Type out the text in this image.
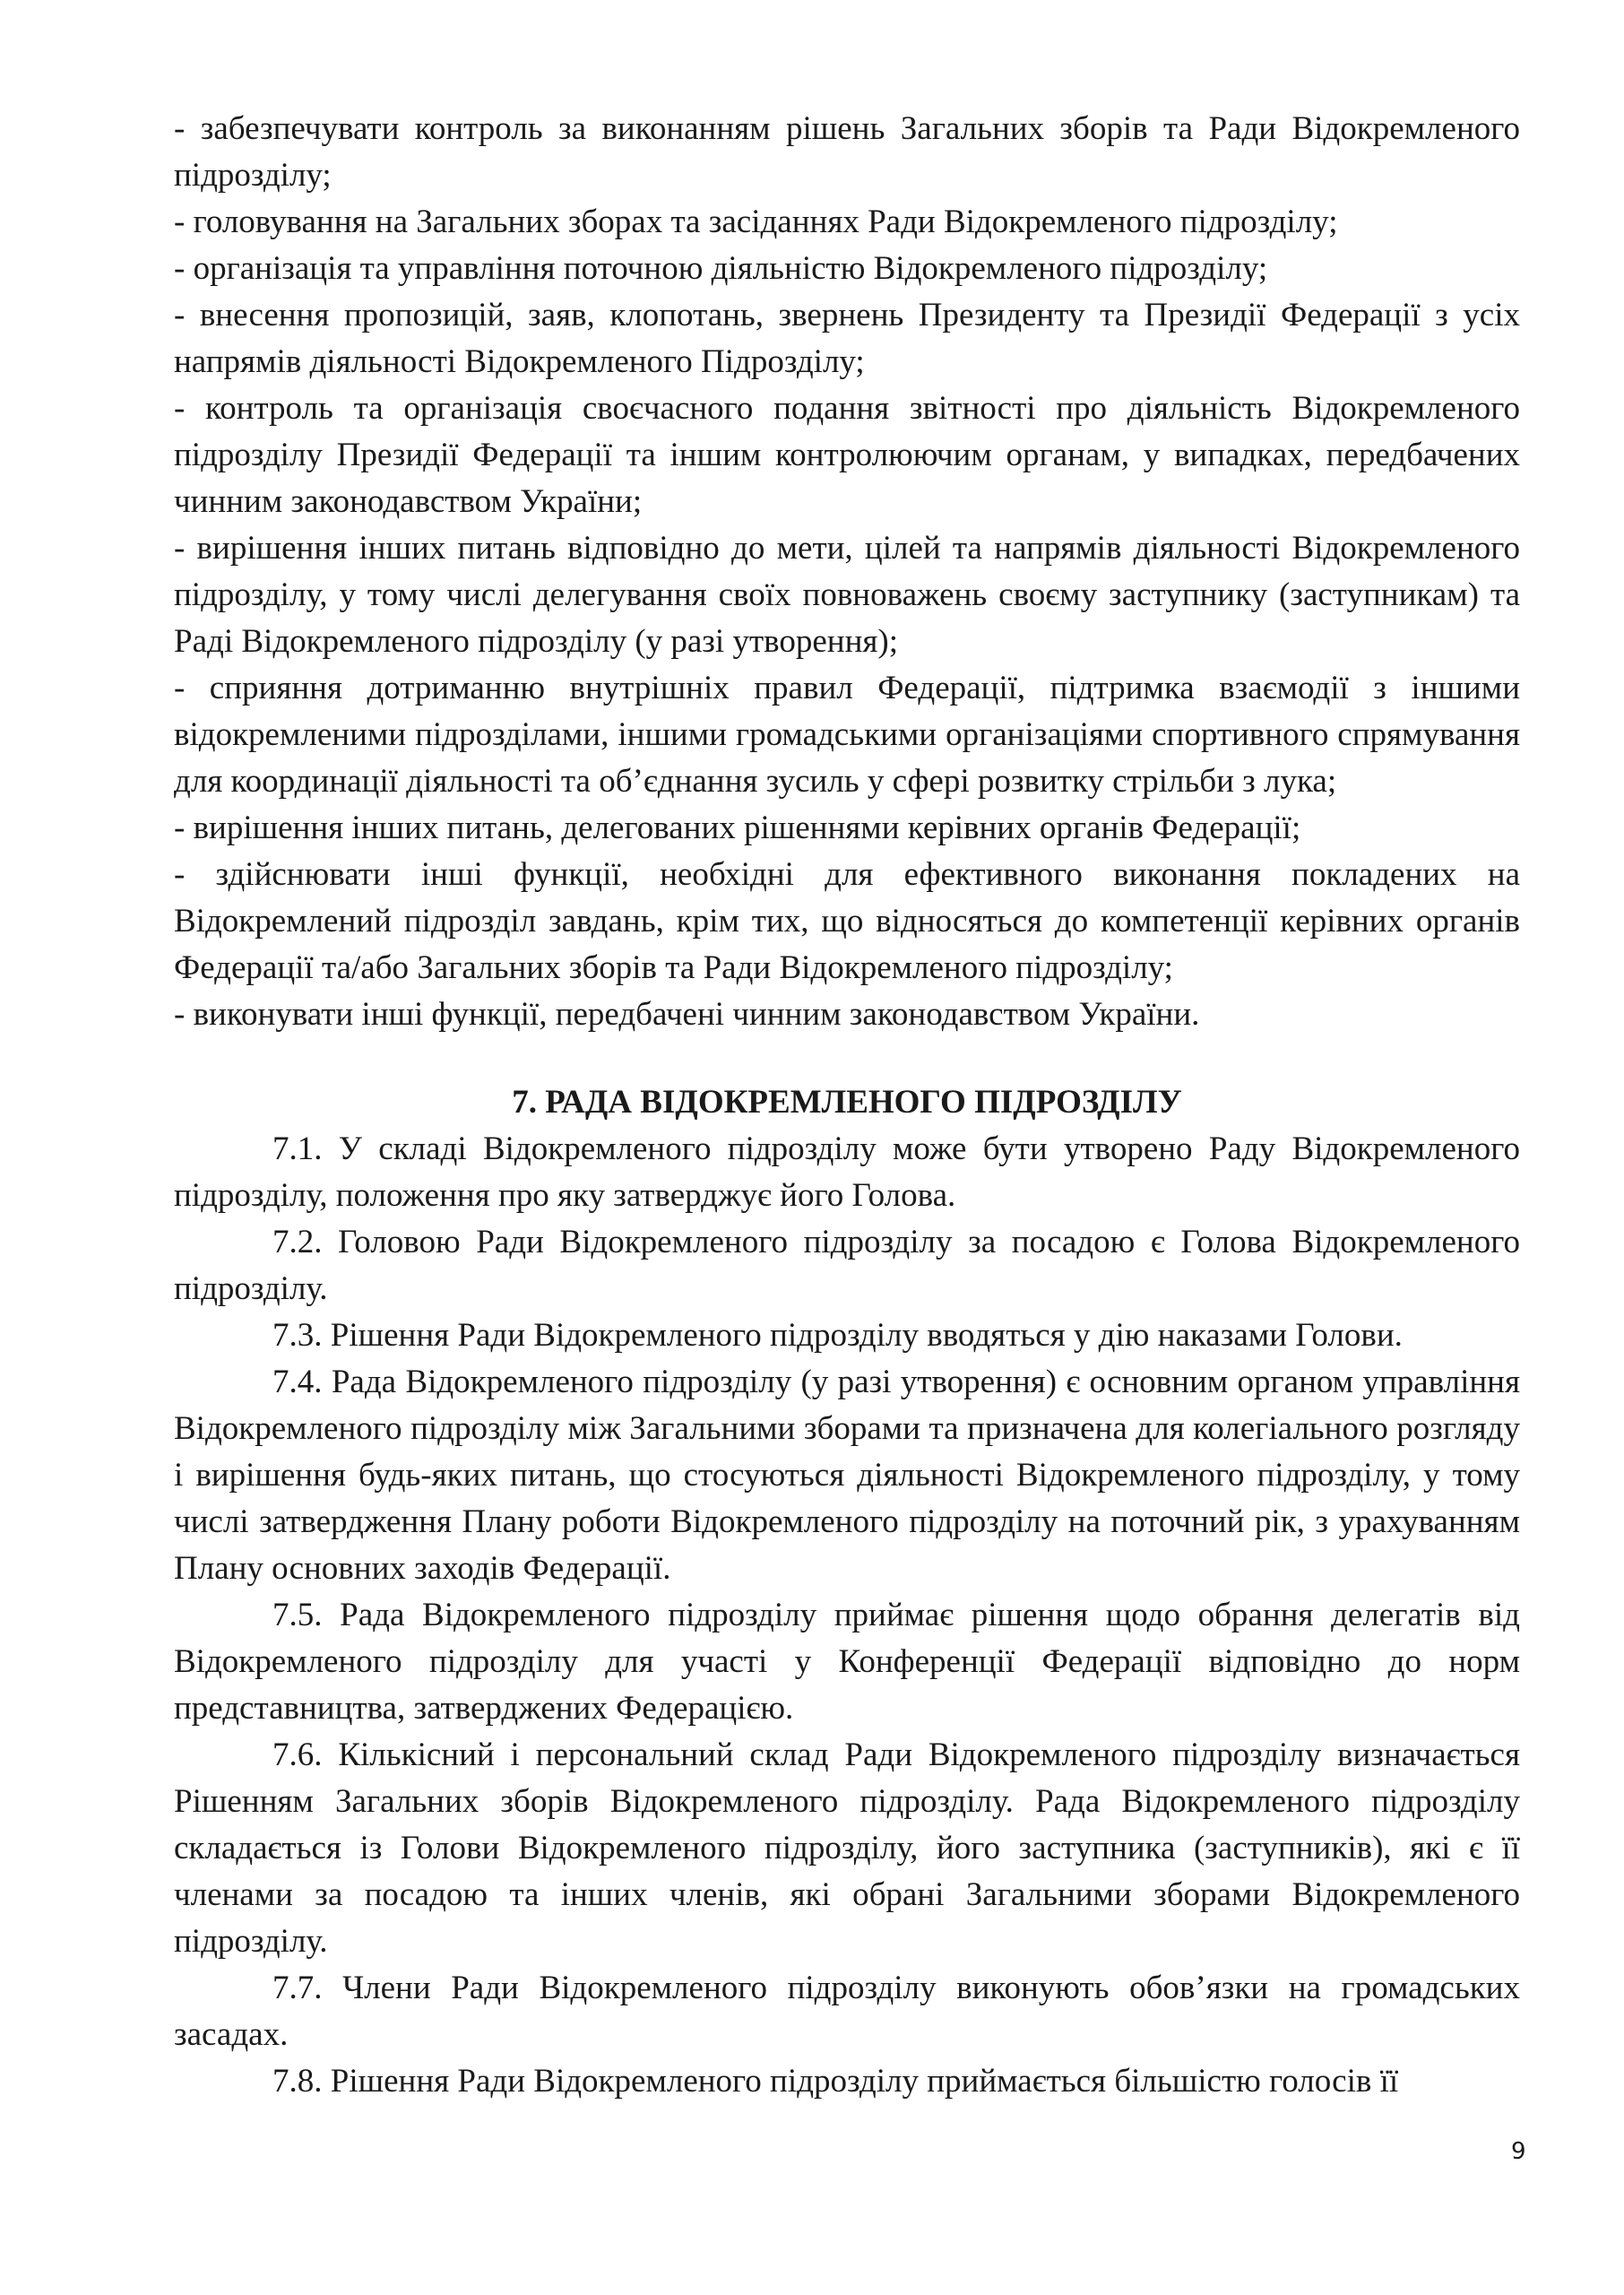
- забезпечувати контроль за виконанням рішень Загальних зборів та Ради Відокремленого підрозділу;

- головування на Загальних зборах та засіданнях Ради Відокремленого підрозділу;

- організація та управління поточною діяльністю Відокремленого підрозділу;

- внесення пропозицій, заяв, клопотань, звернень Президенту та Президії Федерації з усіх напрямів діяльності Відокремленого Підрозділу;

- контроль та організація своєчасного подання звітності про діяльність Відокремленого підрозділу Президії Федерації та іншим контролюючим органам, у випадках, передбачених чинним законодавством України;

- вирішення інших питань відповідно до мети, цілей та напрямів діяльності Відокремленого підрозділу, у тому числі делегування своїх повноважень своєму заступнику (заступникам) та Раді Відокремленого підрозділу (у разі утворення);

- сприяння дотриманню внутрішніх правил Федерації, підтримка взаємодії з іншими відокремленими підрозділами, іншими громадськими організаціями спортивного спрямування для координації діяльності та об’єднання зусиль у сфері розвитку стрільби з лука;

- вирішення інших питань, делегованих рішеннями керівних органів Федерації;

- здійснювати інші функції, необхідні для ефективного виконання покладених на Відокремлений підрозділ завдань, крім тих, що відносяться до компетенції керівних органів Федерації та/або Загальних зборів та Ради Відокремленого підрозділу;

- виконувати інші функції, передбачені чинним законодавством України.

7. РАДА ВІДОКРЕМЛЕНОГО ПІДРОЗДІЛУ

7.1. У складі Відокремленого підрозділу може бути утворено Раду Відокремленого підрозділу, положення про яку затверджує його Голова.

7.2. Головою Ради Відокремленого підрозділу за посадою є Голова Відокремленого підрозділу.

7.3. Рішення Ради Відокремленого підрозділу вводяться у дію наказами Голови.

7.4. Рада Відокремленого підрозділу (у разі утворення) є основним органом управління Відокремленого підрозділу між Загальними зборами та призначена для колегіального розгляду і вирішення будь-яких питань, що стосуються діяльності Відокремленого підрозділу, у тому числі затвердження Плану роботи Відокремленого підрозділу на поточний рік, з урахуванням Плану основних заходів Федерації.

7.5. Рада Відокремленого підрозділу приймає рішення щодо обрання делегатів від Відокремленого підрозділу для участі у Конференції Федерації відповідно до норм представництва, затверджених Федерацією.

7.6. Кількісний і персональний склад Ради Відокремленого підрозділу визначається Рішенням Загальних зборів Відокремленого підрозділу. Рада Відокремленого підрозділу складається із Голови Відокремленого підрозділу, його заступника (заступників), які є її членами за посадою та інших членів, які обрані Загальними зборами Відокремленого підрозділу.

7.7. Члени Ради Відокремленого підрозділу виконують обов’язки на громадських засадах.

7.8. Рішення Ради Відокремленого підрозділу приймається більшістю голосів її

9
